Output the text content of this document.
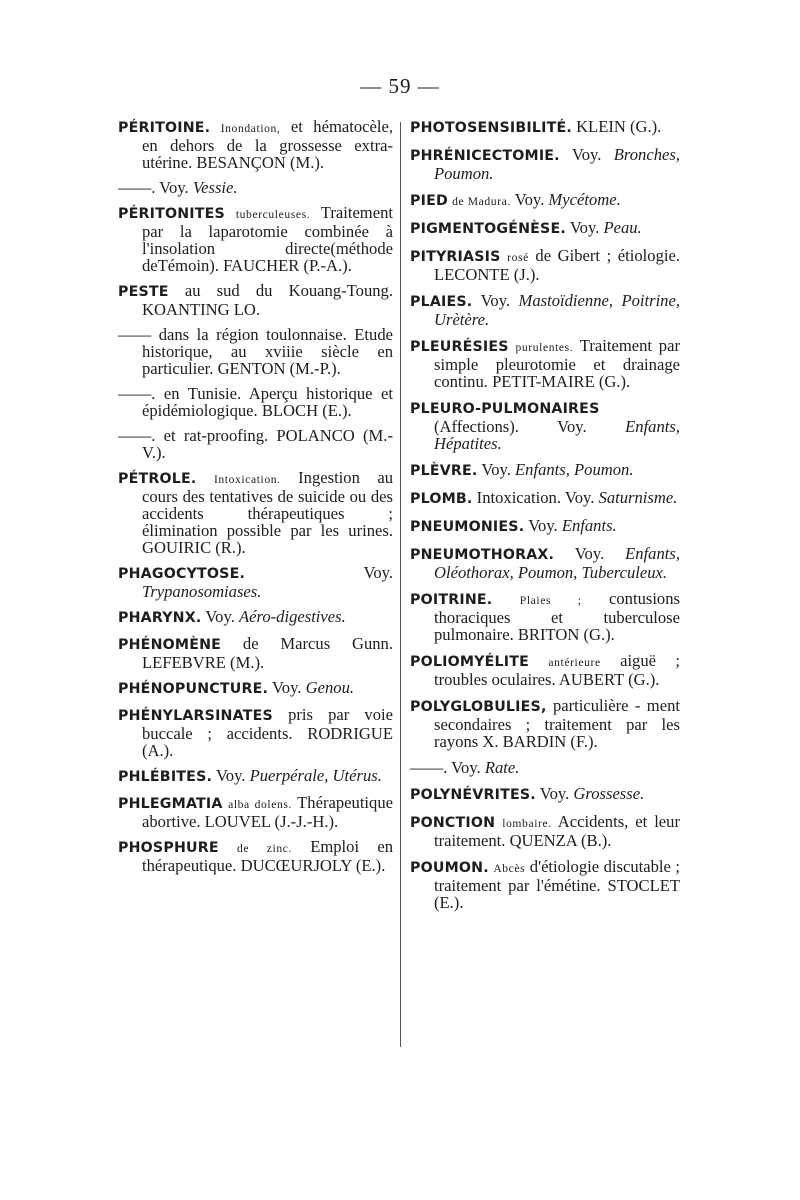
— 59 —
PÉRITOINE. Inondation, et hématocèle, en dehors de la grossesse extra-utérine. BESANÇON (M.).
——. Voy. Vessie.
PÉRITONITES tuberculeuses. Traitement par la laparotomie combinée à l'insolation directe(méthode deTémoin). FAUCHER (P.-A.).
PESTE au sud du Kouang-Toung. KOANTING LO.
—— dans la région toulonnaise. Etude historique, au xviiie siècle en particulier. GENTON (M.-P.).
——. en Tunisie. Aperçu historique et épidémiologique. BLOCH (E.).
——. et rat-proofing. POLANCO (M.-V.).
PÉTROLE. Intoxication. Ingestion au cours des tentatives de suicide ou des accidents thérapeutiques ; élimination possible par les urines. GOUIRIC (R.).
PHAGOCYTOSE.	Voy. Trypanosomiases.
PHARYNX. Voy. Aéro-digestives.
PHÉNOMÈNE de Marcus Gunn. LEFEBVRE (M.).
PHÉNOPUNCTURE. Voy. Genou.
PHÉNYLARSINATES pris par voie buccale ; accidents. RODRIGUE (A.).
PHLÉBITES. Voy. Puerpérale, Utérus.
PHLEGMATIA alba dolens. Thérapeutique abortive. LOUVEL (J.-J.-H.).
PHOSPHURE de zinc. Emploi en thérapeutique. DUCŒURJOLY (E.).
PHOTOSENSIBILITÉ. KLEIN (G.).
PHRÉNICECTOMIE. Voy. Bronches, Poumon.
PIED de Madura. Voy. Mycétome.
PIGMENTOGÉNÈSE. Voy. Peau.
PITYRIASIS rosé de Gibert ; étiologie. LECONTE (J.).
PLAIES. Voy. Mastoïdienne, Poitrine, Urètère.
PLEURÉSIES purulentes. Traitement par simple pleurotomie et drainage continu. PETIT-MAIRE (G.).
PLEURO-PULMONAIRES (Affections). Voy. Enfants, Hépatites.
PLÈVRE. Voy. Enfants, Poumon.
PLOMB. Intoxication. Voy. Saturnisme.
PNEUMONIES. Voy. Enfants.
PNEUMOTHORAX. Voy. Enfants, Oléothorax, Poumon, Tuberculeux.
POITRINE. Plaies ; contusions thoraciques et tuberculose pulmonaire. BRITON (G.).
POLIOMYÉLITE antérieure aiguë ; troubles oculaires. AUBERT (G.).
POLYGLOBULIES, particulière - ment secondaires ; traitement par les rayons X. BARDIN (F.).
——. Voy. Rate.
POLYNÉVRITES. Voy. Grossesse.
PONCTION lombaire. Accidents, et leur traitement. QUENZA (B.).
POUMON. Abcès d'étiologie discutable ; traitement par l'émétine. STOCLET (E.).
